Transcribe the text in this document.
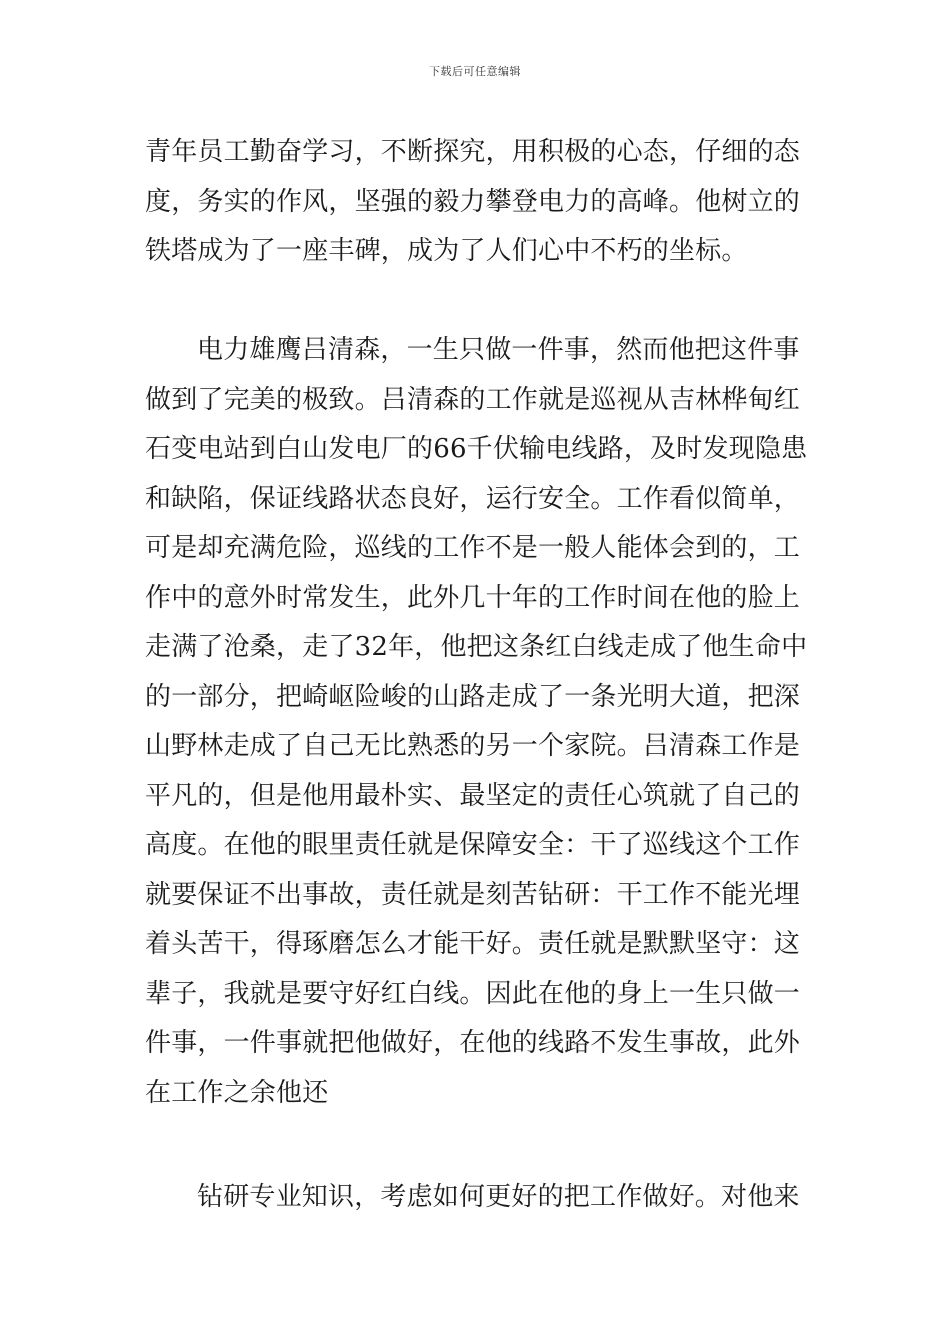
下载后可任意编辑
青年员工勤奋学习，不断探究，用积极的心态，仔细的态
度，务实的作风，坚强的毅力攀登电力的高峰。他树立的
铁塔成为了一座丰碑，成为了人们心中不朽的坐标。
电力雄鹰吕清森，一生只做一件事，然而他把这件事
做到了完美的极致。吕清森的工作就是巡视从吉林桦甸红
石变电站到白山发电厂的66千伏输电线路，及时发现隐患
和缺陷，保证线路状态良好，运行安全。工作看似简单，
可是却充满危险，巡线的工作不是一般人能体会到的，工
作中的意外时常发生，此外几十年的工作时间在他的脸上
走满了沧桑，走了32年，他把这条红白线走成了他生命中
的一部分，把崎岖险峻的山路走成了一条光明大道，把深
山野林走成了自己无比熟悉的另一个家院。吕清森工作是
平凡的，但是他用最朴实、最坚定的责任心筑就了自己的
高度。在他的眼里责任就是保障安全：干了巡线这个工作
就要保证不出事故，责任就是刻苦钻研：干工作不能光埋
着头苦干，得琢磨怎么才能干好。责任就是默默坚守：这
辈子，我就是要守好红白线。因此在他的身上一生只做一
件事，一件事就把他做好，在他的线路不发生事故，此外
在工作之余他还
钻研专业知识，考虑如何更好的把工作做好。对他来
